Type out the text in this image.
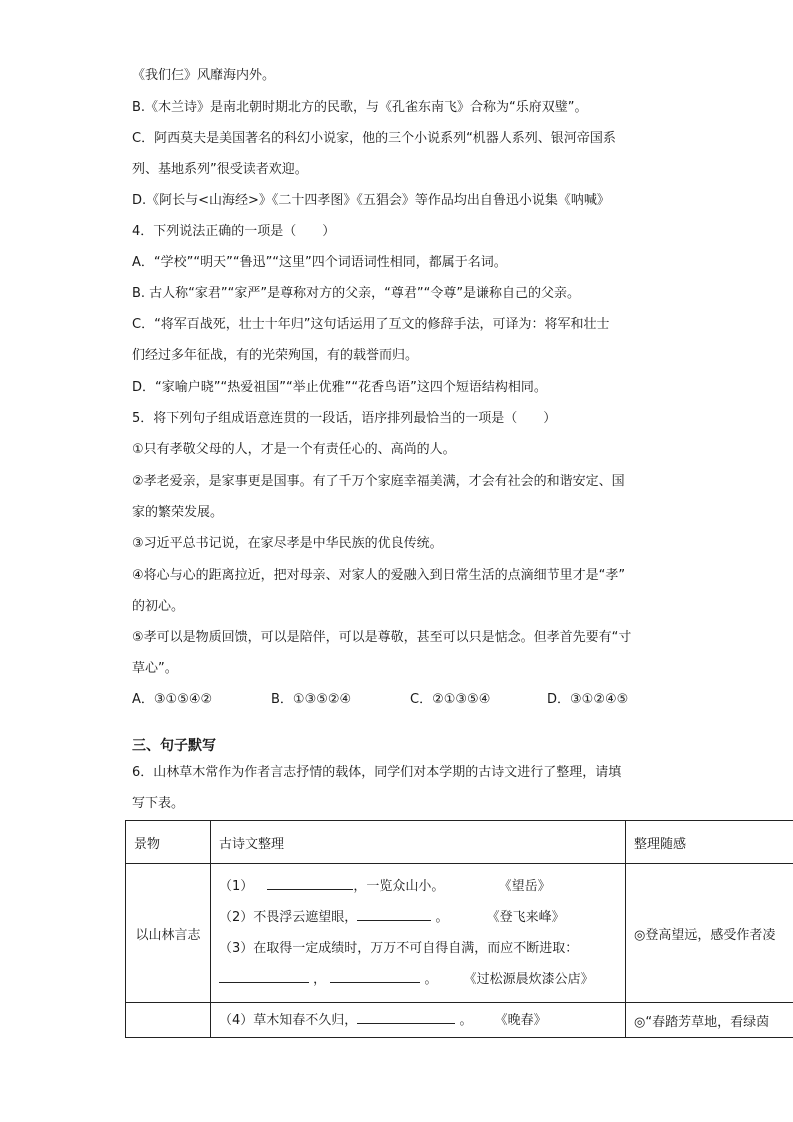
《我们仨》风靡海内外。
B.《木兰诗》是南北朝时期北方的民歌，与《孔雀东南飞》合称为“乐府双璧”。
C．阿西莫夫是美国著名的科幻小说家，他的三个小说系列“机器人系列、银河帝国系
列、基地系列”很受读者欢迎。
D.《阿长与<山海经>》《二十四孝图》《五猖会》等作品均出自鲁迅小说集《呐喊》
4．下列说法正确的一项是（　　）
A．“学校”“明天”“鲁迅”“这里”四个词语词性相同，都属于名词。
B. 古人称“家君”“家严”是尊称对方的父亲，“尊君”“令尊”是谦称自己的父亲。
C．“将军百战死，壮士十年归”这句话运用了互文的修辞手法，可译为：将军和壮士
们经过多年征战，有的光荣殉国，有的载誉而归。
D．“家喻户晓”“热爱祖国”“举止优雅”“花香鸟语”这四个短语结构相同。
5．将下列句子组成语意连贯的一段话，语序排列最恰当的一项是（　　）
①只有孝敬父母的人，才是一个有责任心的、高尚的人。
②孝老爱亲，是家事更是国事。有了千万个家庭幸福美满，才会有社会的和谐安定、国
家的繁荣发展。
③习近平总书记说，在家尽孝是中华民族的优良传统。
④将心与心的距离拉近，把对母亲、对家人的爱融入到日常生活的点滴细节里才是“孝”
的初心。
⑤孝可以是物质回馈，可以是陪伴，可以是尊敬，甚至可以只是惦念。但孝首先要有“寸
草心”。
A．③①⑤④②	B．①③⑤②④	C．②①③⑤④	D．③①②④⑤
三、句子默写
6．山林草木常作为作者言志抒情的载体，同学们对本学期的古诗文进行了整理，请填
写下表。
景物	古诗文整理	整理随感
以山林言志	（1） ，一览众山小。 《望岳》
（2）不畏浮云遮望眼， 。 《登飞来峰》
（3）在取得一定成绩时，万万不可自得自满，而应不断进取：
， 。 《过松源晨炊漆公店》	◎登高望远，感受作者凌

	（4）草木知春不久归， 。 《晚春》	◎“春踏芳草地，看绿茵
